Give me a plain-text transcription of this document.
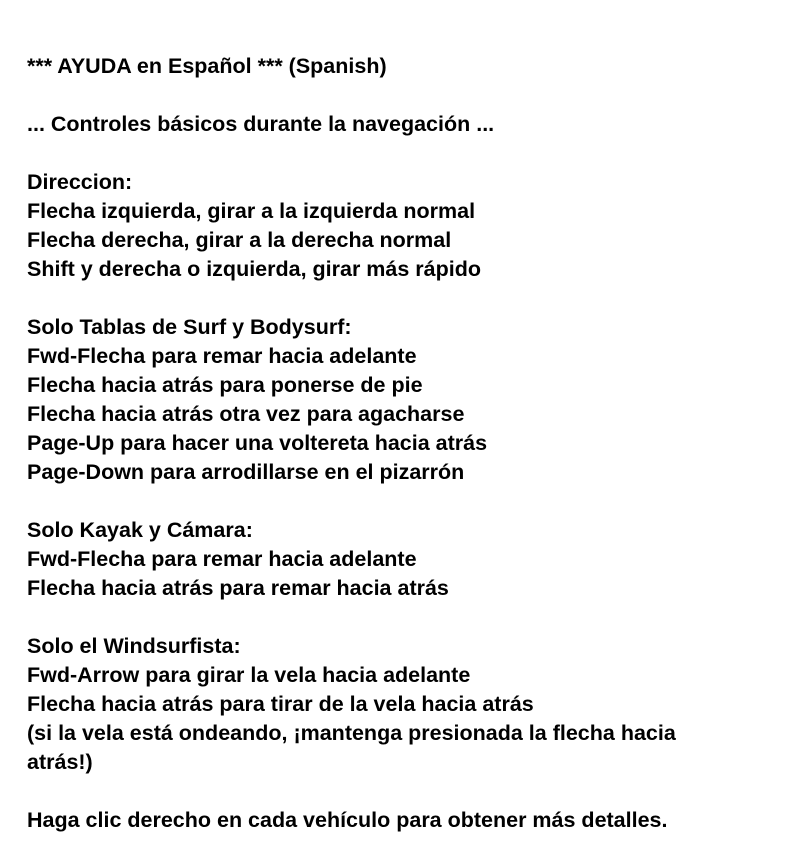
*** AYUDA en Español *** (Spanish)
... Controles básicos durante la navegación ...
Direccion:
Flecha izquierda, girar a la izquierda normal
Flecha derecha, girar a la derecha normal
Shift y derecha o izquierda, girar más rápido
Solo Tablas de Surf y Bodysurf:
Fwd-Flecha para remar hacia adelante
Flecha hacia atrás para ponerse de pie
Flecha hacia atrás otra vez para agacharse
Page-Up para hacer una voltereta hacia atrás
Page-Down para arrodillarse en el pizarrón
Solo Kayak y Cámara:
Fwd-Flecha para remar hacia adelante
Flecha hacia atrás para remar hacia atrás
Solo el Windsurfista:
Fwd-Arrow para girar la vela hacia adelante
Flecha hacia atrás para tirar de la vela hacia atrás
(si la vela está ondeando, ¡mantenga presionada la flecha hacia
atrás!)
Haga clic derecho en cada vehículo para obtener más detalles.
